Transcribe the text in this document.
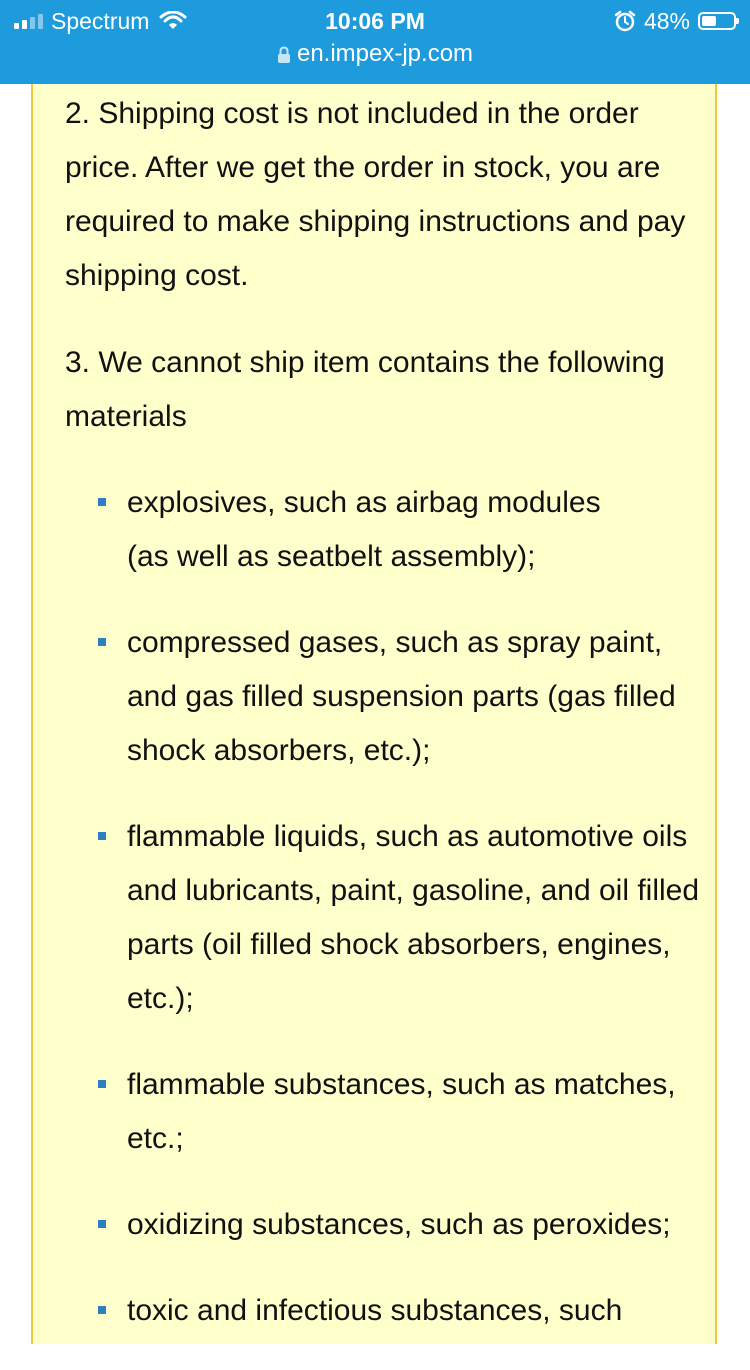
Spectrum	10:06 PM	48%
en.impex-jp.com

2. Shipping cost is not included in the order price. After we get the order in stock, you are required to make shipping instructions and pay shipping cost.

3. We cannot ship item contains the following materials

explosives, such as airbag modules
(as well as seatbelt assembly);
compressed gases, such as spray paint, and gas filled suspension parts (gas filled shock absorbers, etc.);
flammable liquids, such as automotive oils and lubricants, paint, gasoline, and oil filled parts (oil filled shock absorbers, engines, etc.);
flammable substances, such as matches, etc.;
oxidizing substances, such as peroxides;
toxic and infectious substances, such
